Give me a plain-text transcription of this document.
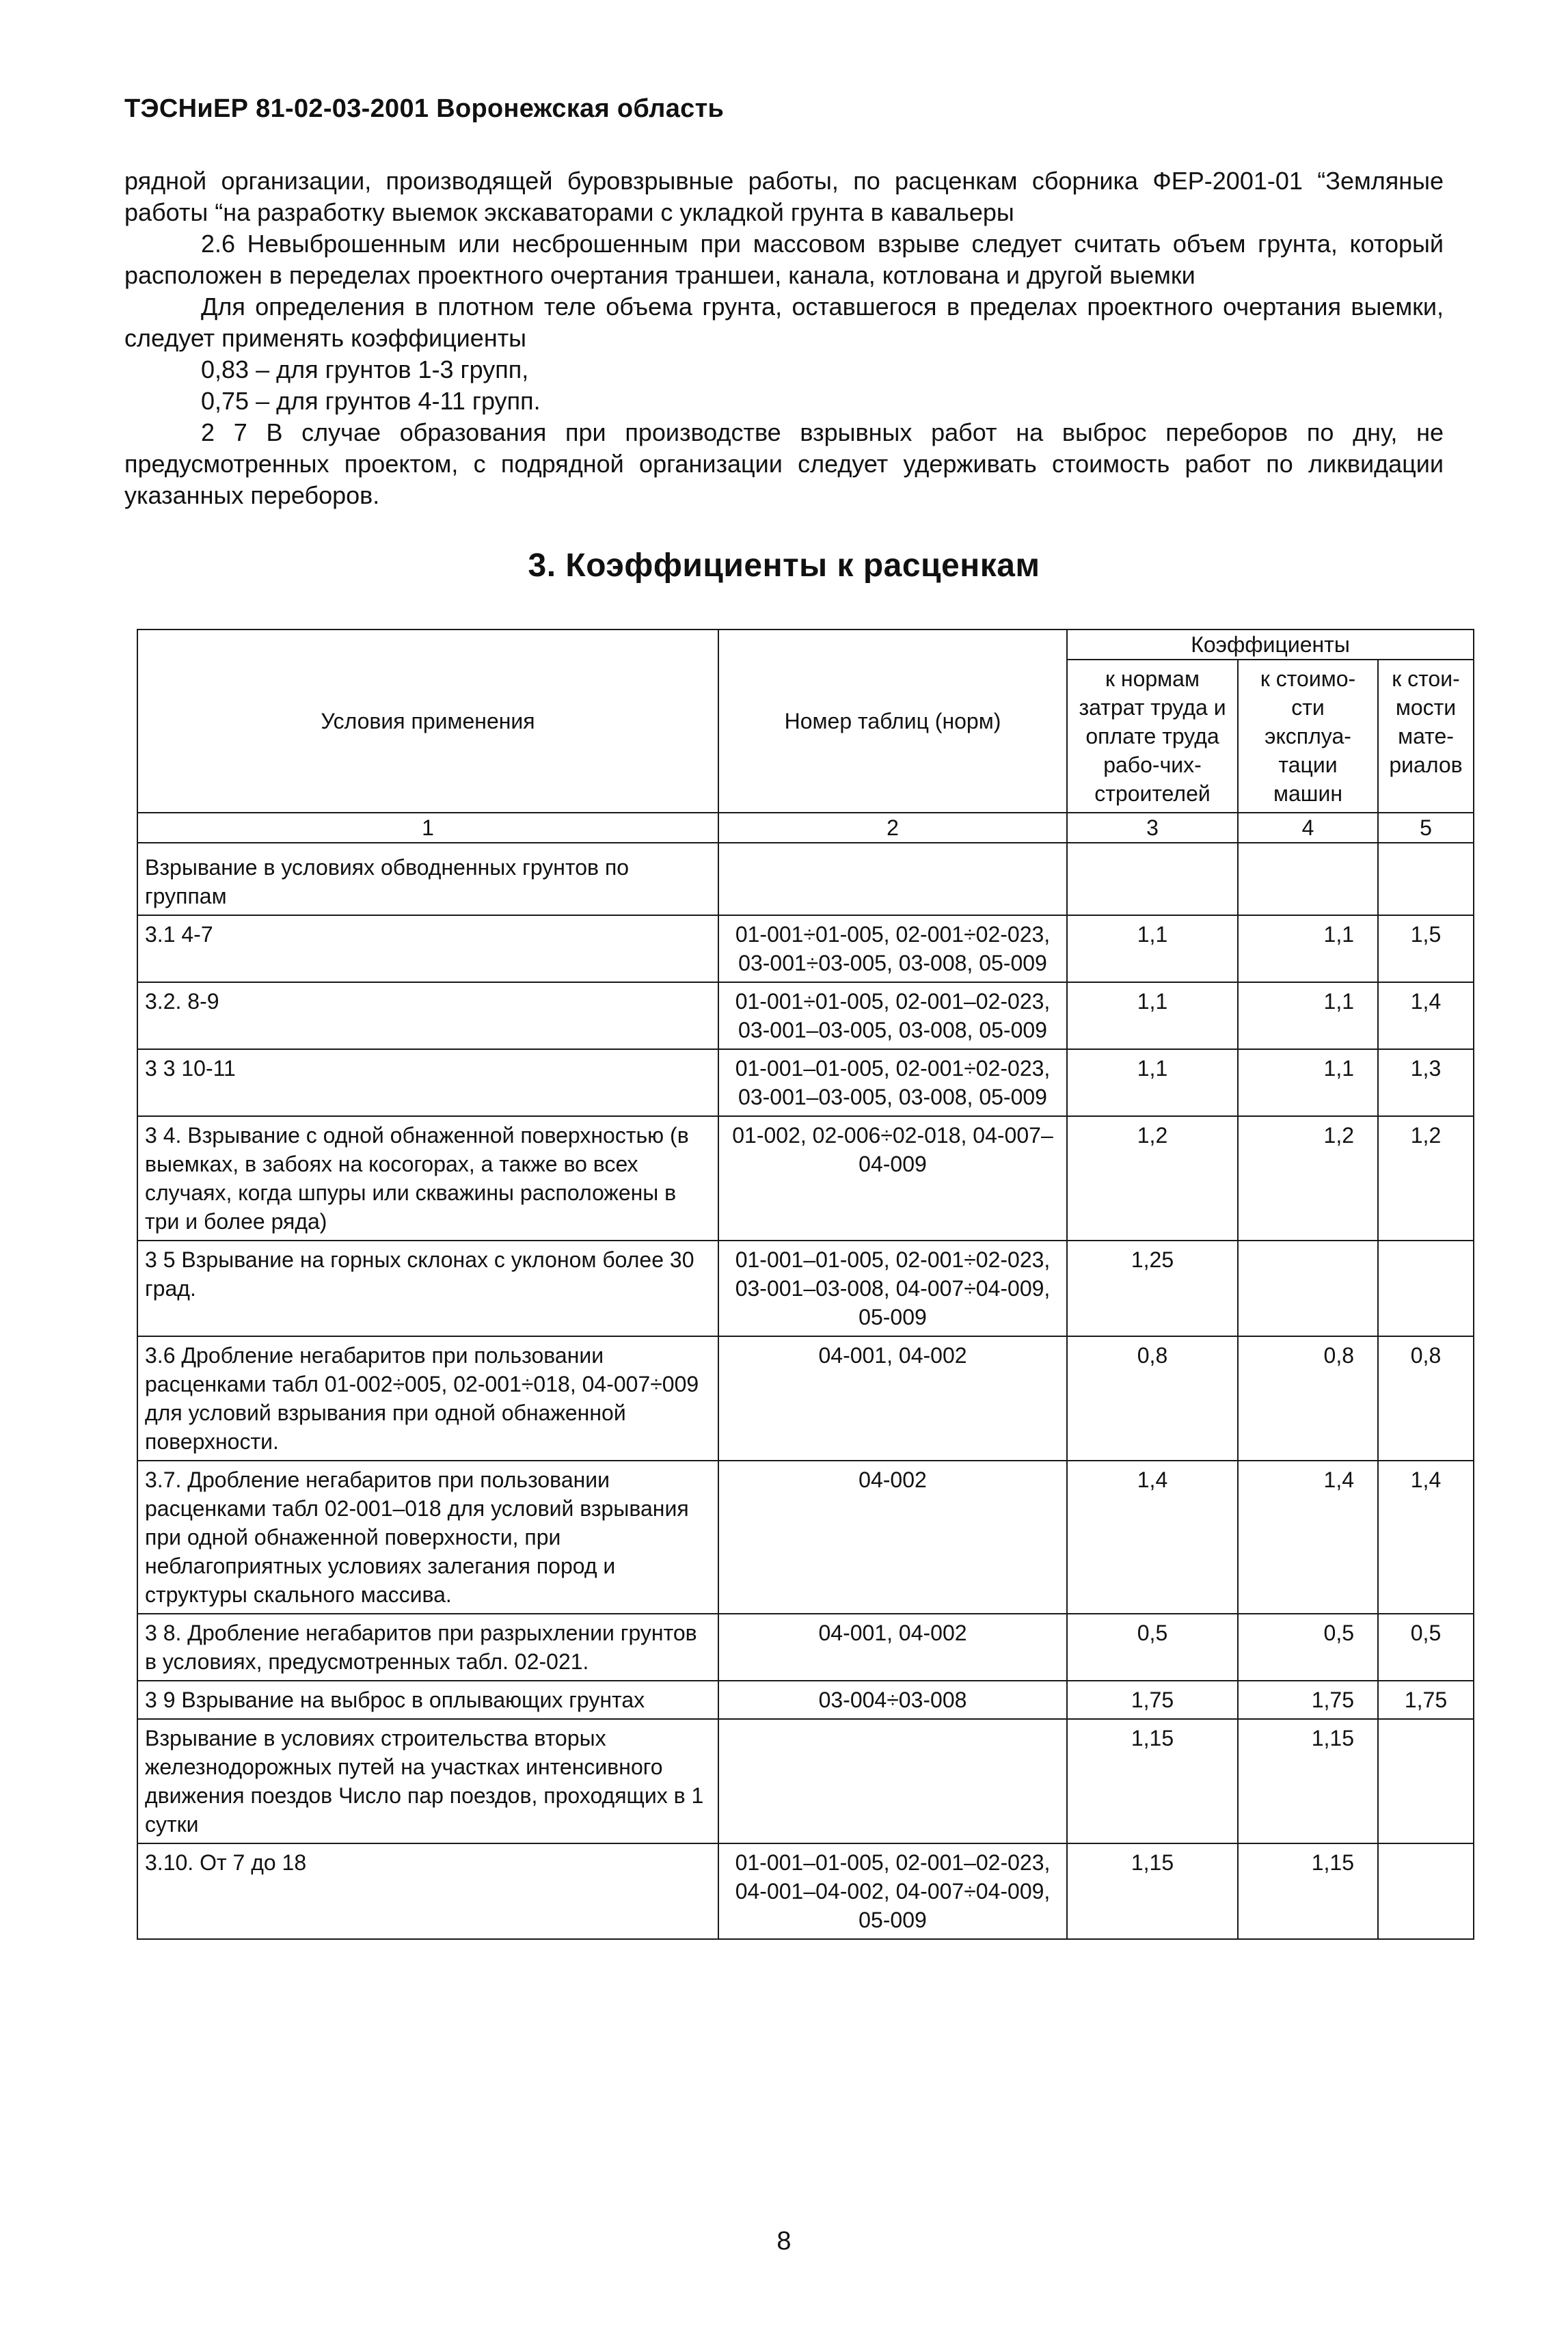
ТЭСНиЕР 81-02-03-2001 Воронежская область

рядной организации, производящей буровзрывные работы, по расценкам сборника ФЕР-2001-01 “Земляные работы “на разработку выемок экскаваторами с укладкой грунта в кавальеры

2.6 Невыброшенным или несброшенным при массовом взрыве следует считать объем грунта, который расположен в переделах проектного очертания траншеи, канала, котлована и другой выемки

Для определения в плотном теле объема грунта, оставшегося в пределах проектного очертания выемки, следует применять коэффициенты

0,83 – для грунтов 1-3 групп,

0,75 – для грунтов 4-11 групп.

2 7 В случае образования при производстве взрывных работ на выброс переборов по дну, не предусмотренных проектом, с подрядной организации следует удерживать стоимость работ по ликвидации указанных переборов.

3. Коэффициенты к расценкам
Условия применения	Номер таблиц (норм)	Коэффициенты		
		к нормам затрат труда и оплате труда рабо-чих-строителей	к стоимо-сти эксплуа-тации машин	к стои-мости мате-риалов
1	2	3	4	5
Взрывание в условиях обводненных грунтов по группам				
3.1 4-7	01-001÷01-005, 02-001÷02-023, 03-001÷03-005, 03-008, 05-009	1,1	1,1	1,5
3.2. 8-9	01-001÷01-005, 02-001–02-023, 03-001–03-005, 03-008, 05-009	1,1	1,1	1,4
3 3 10-11	01-001–01-005, 02-001÷02-023, 03-001–03-005, 03-008, 05-009	1,1	1,1	1,3
3 4. Взрывание с одной обнаженной поверхностью (в выемках, в забоях на косогорах, а также во всех случаях, когда шпуры или скважины расположены в три и более ряда)	01-002, 02-006÷02-018, 04-007–04-009	1,2	1,2	1,2
3 5 Взрывание на горных склонах с уклоном более 30 град.	01-001–01-005, 02-001÷02-023, 03-001–03-008, 04-007÷04-009, 05-009	1,25		
3.6 Дробление негабаритов при пользовании расценками табл 01-002÷005, 02-001÷018, 04-007÷009 для условий взрывания при одной обнаженной поверхности.	04-001, 04-002	0,8	0,8	0,8
3.7. Дробление негабаритов при пользовании расценками табл 02-001–018 для условий взрывания при одной обнаженной поверхности, при неблагоприятных условиях залегания пород и структуры скального массива.	04-002	1,4	1,4	1,4
3 8. Дробление негабаритов при разрыхлении грунтов в условиях, предусмотренных табл. 02-021.	04-001, 04-002	0,5	0,5	0,5
3 9 Взрывание на выброс в оплывающих грунтах	03-004÷03-008	1,75	1,75	1,75
Взрывание в условиях строительства вторых железнодорожных путей на участках интенсивного движения поездов Число пар поездов, проходящих в 1 сутки		1,15	1,15	
3.10. От 7 до 18	01-001–01-005, 02-001–02-023, 04-001–04-002, 04-007÷04-009, 05-009	1,15	1,15	
8
